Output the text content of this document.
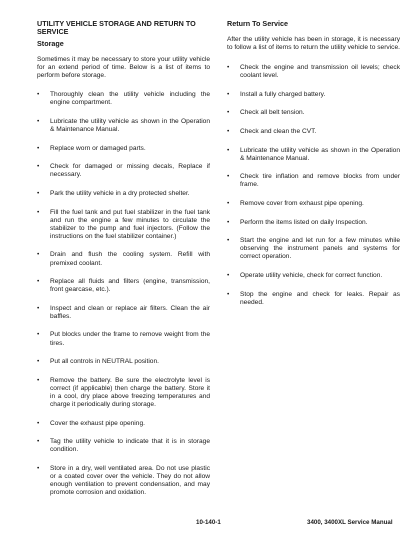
UTILITY VEHICLE STORAGE AND RETURN TO SERVICE
Storage

Sometimes it may be necessary to store your utility vehicle for an extend period of time. Below is a list of items to perform before storage.

• Thoroughly clean the utility vehicle including the engine compartment.
• Lubricate the utility vehicle as shown in the Operation & Maintenance Manual.
• Replace worn or damaged parts.
• Check for damaged or missing decals, Replace if necessary.
• Park the utility vehicle in a dry protected shelter.
• Fill the fuel tank and put fuel stabilizer in the fuel tank and run the engine a few minutes to circulate the stabilizer to the pump and fuel injectors. (Follow the instructions on the fuel stabilizer container.)
• Drain and flush the cooling system. Refill with premixed coolant.
• Replace all fluids and filters (engine, transmission, front gearcase, etc.).
• Inspect and clean or replace air filters. Clean the air baffles.
• Put blocks under the frame to remove weight from the tires.
• Put all controls in NEUTRAL position.
• Remove the battery. Be sure the electrolyte level is correct (if applicable) then charge the battery. Store it in a cool, dry place above freezing temperatures and charge it periodically during storage.
• Cover the exhaust pipe opening.
• Tag the utility vehicle to indicate that it is in storage condition.
• Store in a dry, well ventilated area. Do not use plastic or a coated cover over the vehicle. They do not allow enough ventilation to prevent condensation, and may promote corrosion and oxidation.
Return To Service

After the utility vehicle has been in storage, it is necessary to follow a list of items to return the utility vehicle to service.

• Check the engine and transmission oil levels; check coolant level.
• Install a fully charged battery.
• Check all belt tension.
• Check and clean the CVT.
• Lubricate the utility vehicle as shown in the Operation & Maintenance Manual.
• Check tire inflation and remove blocks from under frame.
• Remove cover from exhaust pipe opening.
• Perform the items listed on daily Inspection.
• Start the engine and let run for a few minutes while observing the instrument panels and systems for correct operation.
• Operate utility vehicle, check for correct function.
• Stop the engine and check for leaks. Repair as needed.
10-140-1	3400, 3400XL Service Manual
